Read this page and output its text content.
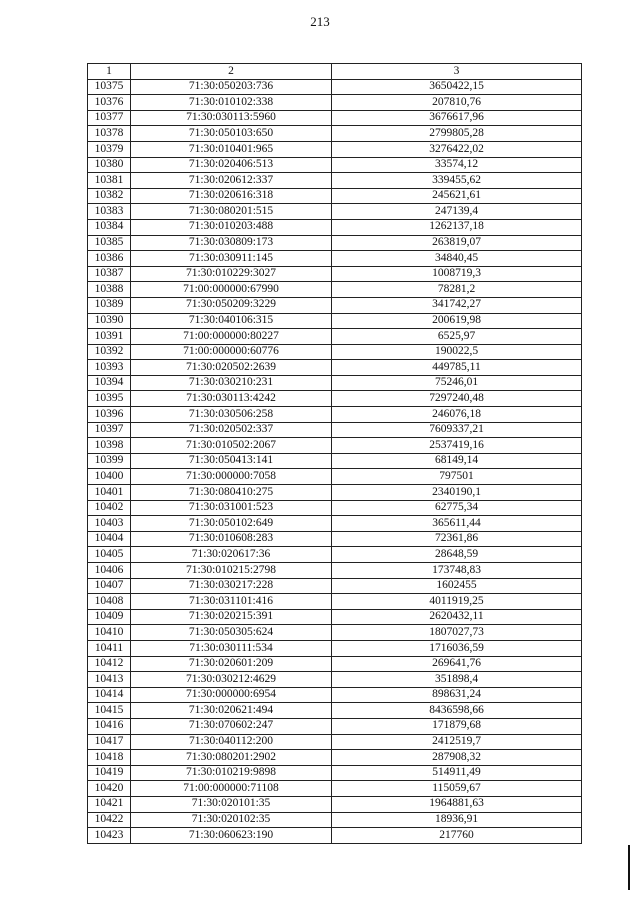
213
1	2	3
10375	71:30:050203:736	3650422,15
10376	71:30:010102:338	207810,76
10377	71:30:030113:5960	3676617,96
10378	71:30:050103:650	2799805,28
10379	71:30:010401:965	3276422,02
10380	71:30:020406:513	33574,12
10381	71:30:020612:337	339455,62
10382	71:30:020616:318	245621,61
10383	71:30:080201:515	247139,4
10384	71:30:010203:488	1262137,18
10385	71:30:030809:173	263819,07
10386	71:30:030911:145	34840,45
10387	71:30:010229:3027	1008719,3
10388	71:00:000000:67990	78281,2
10389	71:30:050209:3229	341742,27
10390	71:30:040106:315	200619,98
10391	71:00:000000:80227	6525,97
10392	71:00:000000:60776	190022,5
10393	71:30:020502:2639	449785,11
10394	71:30:030210:231	75246,01
10395	71:30:030113:4242	7297240,48
10396	71:30:030506:258	246076,18
10397	71:30:020502:337	7609337,21
10398	71:30:010502:2067	2537419,16
10399	71:30:050413:141	68149,14
10400	71:30:000000:7058	797501
10401	71:30:080410:275	2340190,1
10402	71:30:031001:523	62775,34
10403	71:30:050102:649	365611,44
10404	71:30:010608:283	72361,86
10405	71:30:020617:36	28648,59
10406	71:30:010215:2798	173748,83
10407	71:30:030217:228	1602455
10408	71:30:031101:416	4011919,25
10409	71:30:020215:391	2620432,11
10410	71:30:050305:624	1807027,73
10411	71:30:030111:534	1716036,59
10412	71:30:020601:209	269641,76
10413	71:30:030212:4629	351898,4
10414	71:30:000000:6954	898631,24
10415	71:30:020621:494	8436598,66
10416	71:30:070602:247	171879,68
10417	71:30:040112:200	2412519,7
10418	71:30:080201:2902	287908,32
10419	71:30:010219:9898	514911,49
10420	71:00:000000:71108	115059,67
10421	71:30:020101:35	1964881,63
10422	71:30:020102:35	18936,91
10423	71:30:060623:190	217760
